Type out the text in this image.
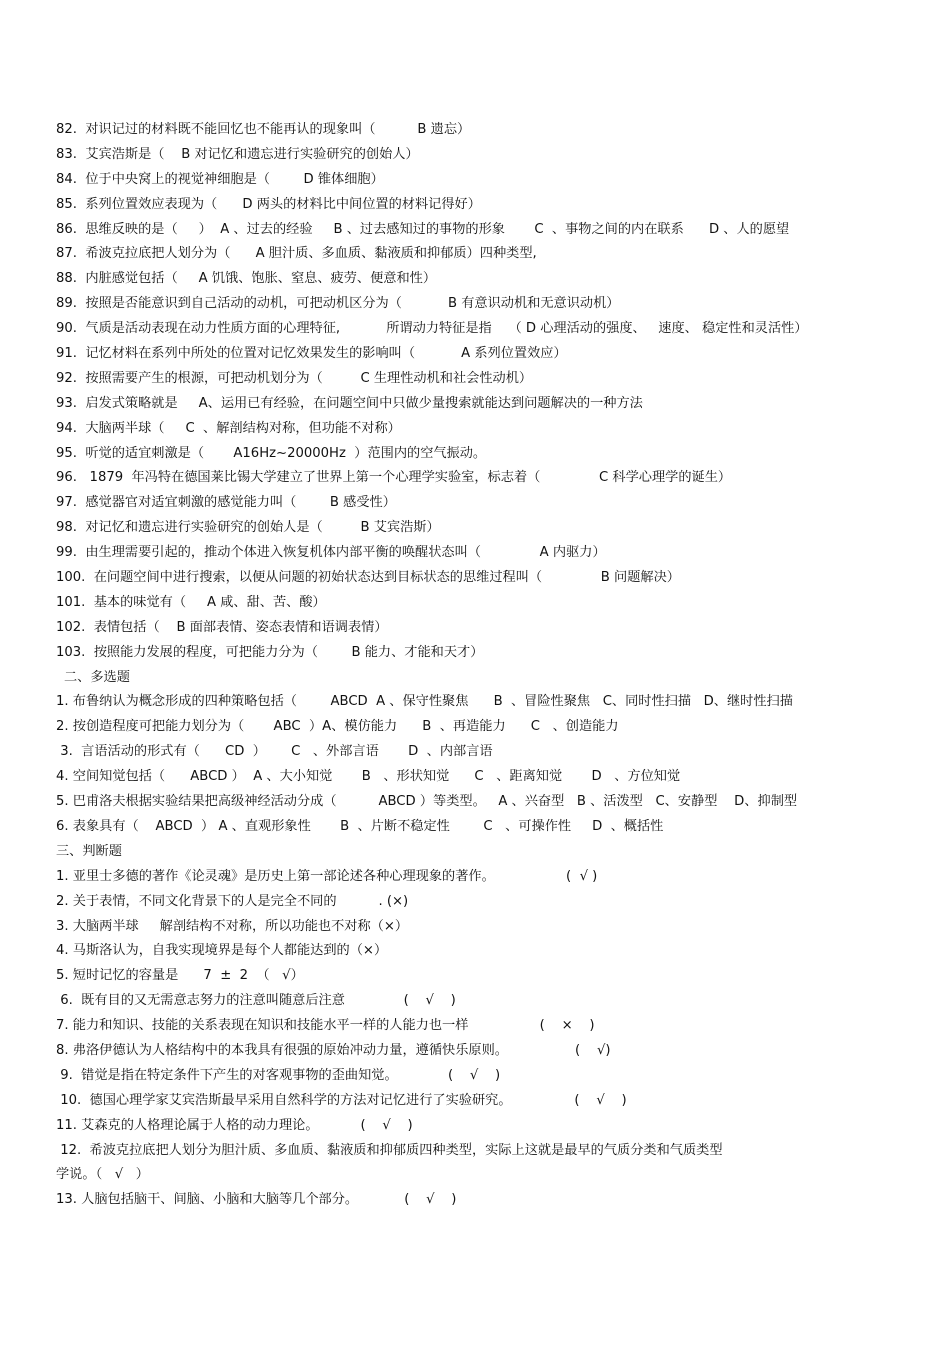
82.  对识记过的材料既不能回忆也不能再认的现象叫（          B 遗忘）
83.  艾宾浩斯是（    B 对记忆和遗忘进行实验研究的创始人）
84.  位于中央窝上的视觉神细胞是（        D 锥体细胞）
85.  系列位置效应表现为（      D 两头的材料比中间位置的材料记得好）
86.  思维反映的是（     ）  A 、过去的经验     B 、过去感知过的事物的形象       C  、事物之间的内在联系      D 、人的愿望
87.  希波克拉底把人划分为（      A 胆汁质、多血质、黏液质和抑郁质）四种类型,
88.  内脏感觉包括（     A 饥饿、饱胀、窒息、疲劳、便意和性）
89.  按照是否能意识到自己活动的动机，可把动机区分为（           B 有意识动机和无意识动机）
90.  气质是活动表现在动力性质方面的心理特征,           所谓动力特征是指    （ D 心理活动的强度、   速度、 稳定性和灵活性）
91.  记忆材料在系列中所处的位置对记忆效果发生的影响叫（           A 系列位置效应）
92.  按照需要产生的根源，可把动机划分为（         C 生理性动机和社会性动机）
93.  启发式策略就是     A、运用已有经验，在问题空间中只做少量搜索就能达到问题解决的一种方法
94.  大脑两半球（     C  、解剖结构对称，但功能不对称）
95.  听觉的适宜刺激是（       A16Hz~20000Hz  ）范围内的空气振动。
96.   1879  年冯特在德国莱比锡大学建立了世界上第一个心理学实验室，标志着（              C 科学心理学的诞生）
97.  感觉器官对适宜刺激的感觉能力叫（        B 感受性）
98.  对记忆和遗忘进行实验研究的创始人是（         B 艾宾浩斯）
99.  由生理需要引起的，推动个体进入恢复机体内部平衡的唤醒状态叫（              A 内驱力）
100.  在问题空间中进行搜索，以便从问题的初始状态达到目标状态的思维过程叫（              B 问题解决）
101.  基本的味觉有（     A 咸、甜、苦、酸）
102.  表情包括（    B 面部表情、姿态表情和语调表情）
103.  按照能力发展的程度，可把能力分为（        B 能力、才能和天才）
二、多选题
1. 布鲁纳认为概念形成的四种策略包括（        ABCD  A 、保守性聚焦      B  、冒险性聚焦   C、同时性扫描   D、继时性扫描
2. 按创造程度可把能力划分为（       ABC  ）A、模仿能力      B  、再造能力      C   、创造能力
3.  言语活动的形式有（      CD  ）      C   、外部言语       D  、内部言语
4. 空间知觉包括（      ABCD ）  A 、大小知觉       B   、形状知觉      C   、距离知觉       D   、方位知觉
5. 巴甫洛夫根据实验结果把高级神经活动分成（          ABCD ）等类型。   A 、兴奋型   B 、活泼型   C、安静型    D、抑制型
6. 表象具有（    ABCD  ） A 、直观形象性       B  、片断不稳定性        C   、可操作性     D  、概括性
三、判断题
1. 亚里士多德的著作《论灵魂》是历史上第一部论述各种心理现象的著作。                 (  √ )
2. 关于表情，不同文化背景下的人是完全不同的          . (×)
3. 大脑两半球     解剖结构不对称，所以功能也不对称（×）
4. 马斯洛认为，自我实现境界是每个人都能达到的（×）
5. 短时记忆的容量是      7  ±  2  （   √）
6.  既有目的又无需意志努力的注意叫随意后注意              (    √    )
7. 能力和知识、技能的关系表现在知识和技能水平一样的人能力也一样                 (    ×    )
8. 弗洛伊德认为人格结构中的本我具有很强的原始冲动力量，遵循快乐原则。                (    √)
9.  错觉是指在特定条件下产生的对客观事物的歪曲知觉。            (    √    )
10.  德国心理学家艾宾浩斯最早采用自然科学的方法对记忆进行了实验研究。               (    √    )
11. 艾森克的人格理论属于人格的动力理论。          (    √    )
12.  希波克拉底把人划分为胆汁质、多血质、黏液质和抑郁质四种类型，实际上这就是最早的气质分类和气质类型
学说。（   √   ）
13. 人脑包括脑干、间脑、小脑和大脑等几个部分。           (    √    )
